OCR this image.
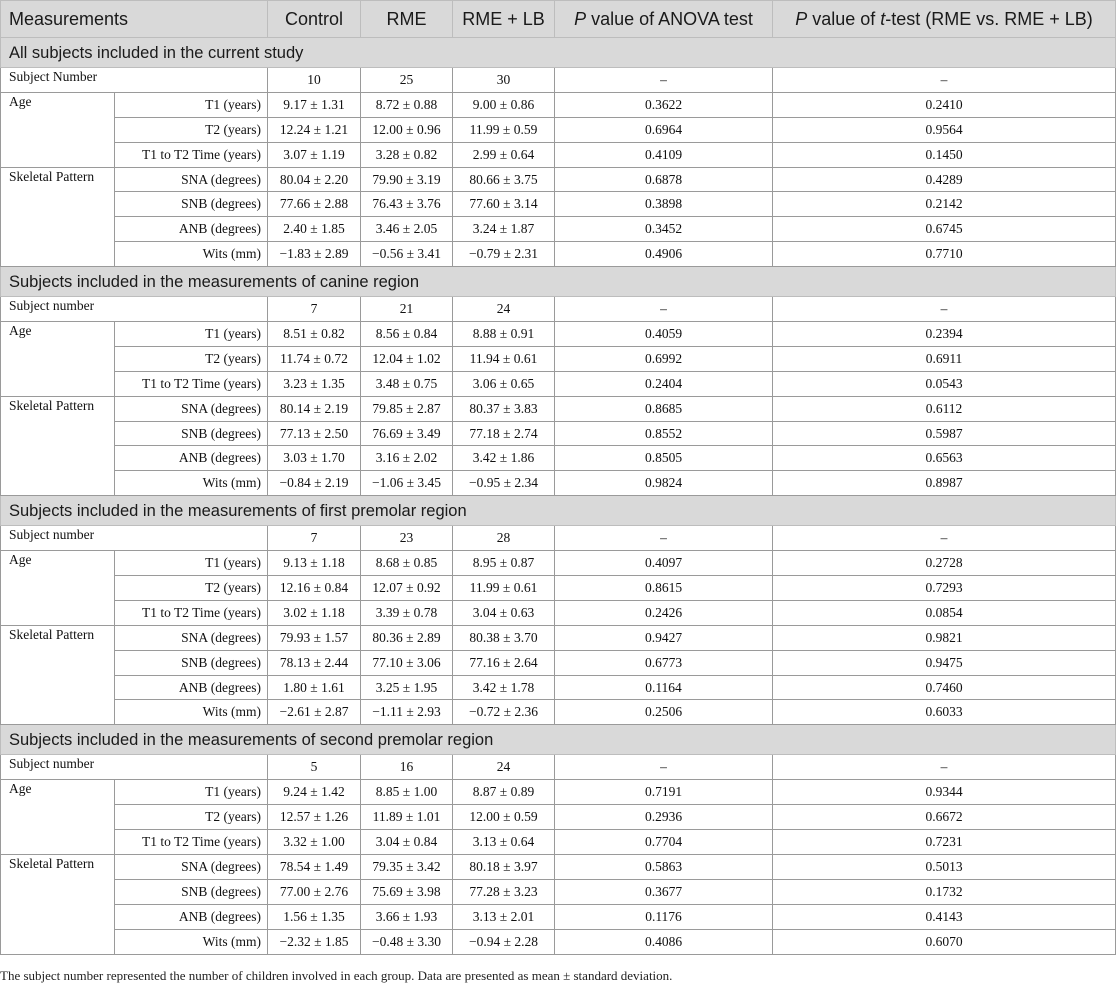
Measurements		Control	RME	RME + LB	P value of ANOVA test	P value of t-test (RME vs. RME + LB)
All subjects included in the current study						
Subject Number		10	25	30	–	–
Age	T1 (years)	9.17 ± 1.31	8.72 ± 0.88	9.00 ± 0.86	0.3622	0.2410
	T2 (years)	12.24 ± 1.21	12.00 ± 0.96	11.99 ± 0.59	0.6964	0.9564
	T1 to T2 Time (years)	3.07 ± 1.19	3.28 ± 0.82	2.99 ± 0.64	0.4109	0.1450
Skeletal Pattern	SNA (degrees)	80.04 ± 2.20	79.90 ± 3.19	80.66 ± 3.75	0.6878	0.4289
	SNB (degrees)	77.66 ± 2.88	76.43 ± 3.76	77.60 ± 3.14	0.3898	0.2142
	ANB (degrees)	2.40 ± 1.85	3.46 ± 2.05	3.24 ± 1.87	0.3452	0.6745
	Wits (mm)	−1.83 ± 2.89	−0.56 ± 3.41	−0.79 ± 2.31	0.4906	0.7710
Subjects included in the measurements of canine region						
Subject number		7	21	24	–	–
Age	T1 (years)	8.51 ± 0.82	8.56 ± 0.84	8.88 ± 0.91	0.4059	0.2394
	T2 (years)	11.74 ± 0.72	12.04 ± 1.02	11.94 ± 0.61	0.6992	0.6911
	T1 to T2 Time (years)	3.23 ± 1.35	3.48 ± 0.75	3.06 ± 0.65	0.2404	0.0543
Skeletal Pattern	SNA (degrees)	80.14 ± 2.19	79.85 ± 2.87	80.37 ± 3.83	0.8685	0.6112
	SNB (degrees)	77.13 ± 2.50	76.69 ± 3.49	77.18 ± 2.74	0.8552	0.5987
	ANB (degrees)	3.03 ± 1.70	3.16 ± 2.02	3.42 ± 1.86	0.8505	0.6563
	Wits (mm)	−0.84 ± 2.19	−1.06 ± 3.45	−0.95 ± 2.34	0.9824	0.8987
Subjects included in the measurements of first premolar region						
Subject number		7	23	28	–	–
Age	T1 (years)	9.13 ± 1.18	8.68 ± 0.85	8.95 ± 0.87	0.4097	0.2728
	T2 (years)	12.16 ± 0.84	12.07 ± 0.92	11.99 ± 0.61	0.8615	0.7293
	T1 to T2 Time (years)	3.02 ± 1.18	3.39 ± 0.78	3.04 ± 0.63	0.2426	0.0854
Skeletal Pattern	SNA (degrees)	79.93 ± 1.57	80.36 ± 2.89	80.38 ± 3.70	0.9427	0.9821
	SNB (degrees)	78.13 ± 2.44	77.10 ± 3.06	77.16 ± 2.64	0.6773	0.9475
	ANB (degrees)	1.80 ± 1.61	3.25 ± 1.95	3.42 ± 1.78	0.1164	0.7460
	Wits (mm)	−2.61 ± 2.87	−1.11 ± 2.93	−0.72 ± 2.36	0.2506	0.6033
Subjects included in the measurements of second premolar region						
Subject number		5	16	24	–	–
Age	T1 (years)	9.24 ± 1.42	8.85 ± 1.00	8.87 ± 0.89	0.7191	0.9344
	T2 (years)	12.57 ± 1.26	11.89 ± 1.01	12.00 ± 0.59	0.2936	0.6672
	T1 to T2 Time (years)	3.32 ± 1.00	3.04 ± 0.84	3.13 ± 0.64	0.7704	0.7231
Skeletal Pattern	SNA (degrees)	78.54 ± 1.49	79.35 ± 3.42	80.18 ± 3.97	0.5863	0.5013
	SNB (degrees)	77.00 ± 2.76	75.69 ± 3.98	77.28 ± 3.23	0.3677	0.1732
	ANB (degrees)	1.56 ± 1.35	3.66 ± 1.93	3.13 ± 2.01	0.1176	0.4143
	Wits (mm)	−2.32 ± 1.85	−0.48 ± 3.30	−0.94 ± 2.28	0.4086	0.6070
The subject number represented the number of children involved in each group. Data are presented as mean ± standard deviation.
